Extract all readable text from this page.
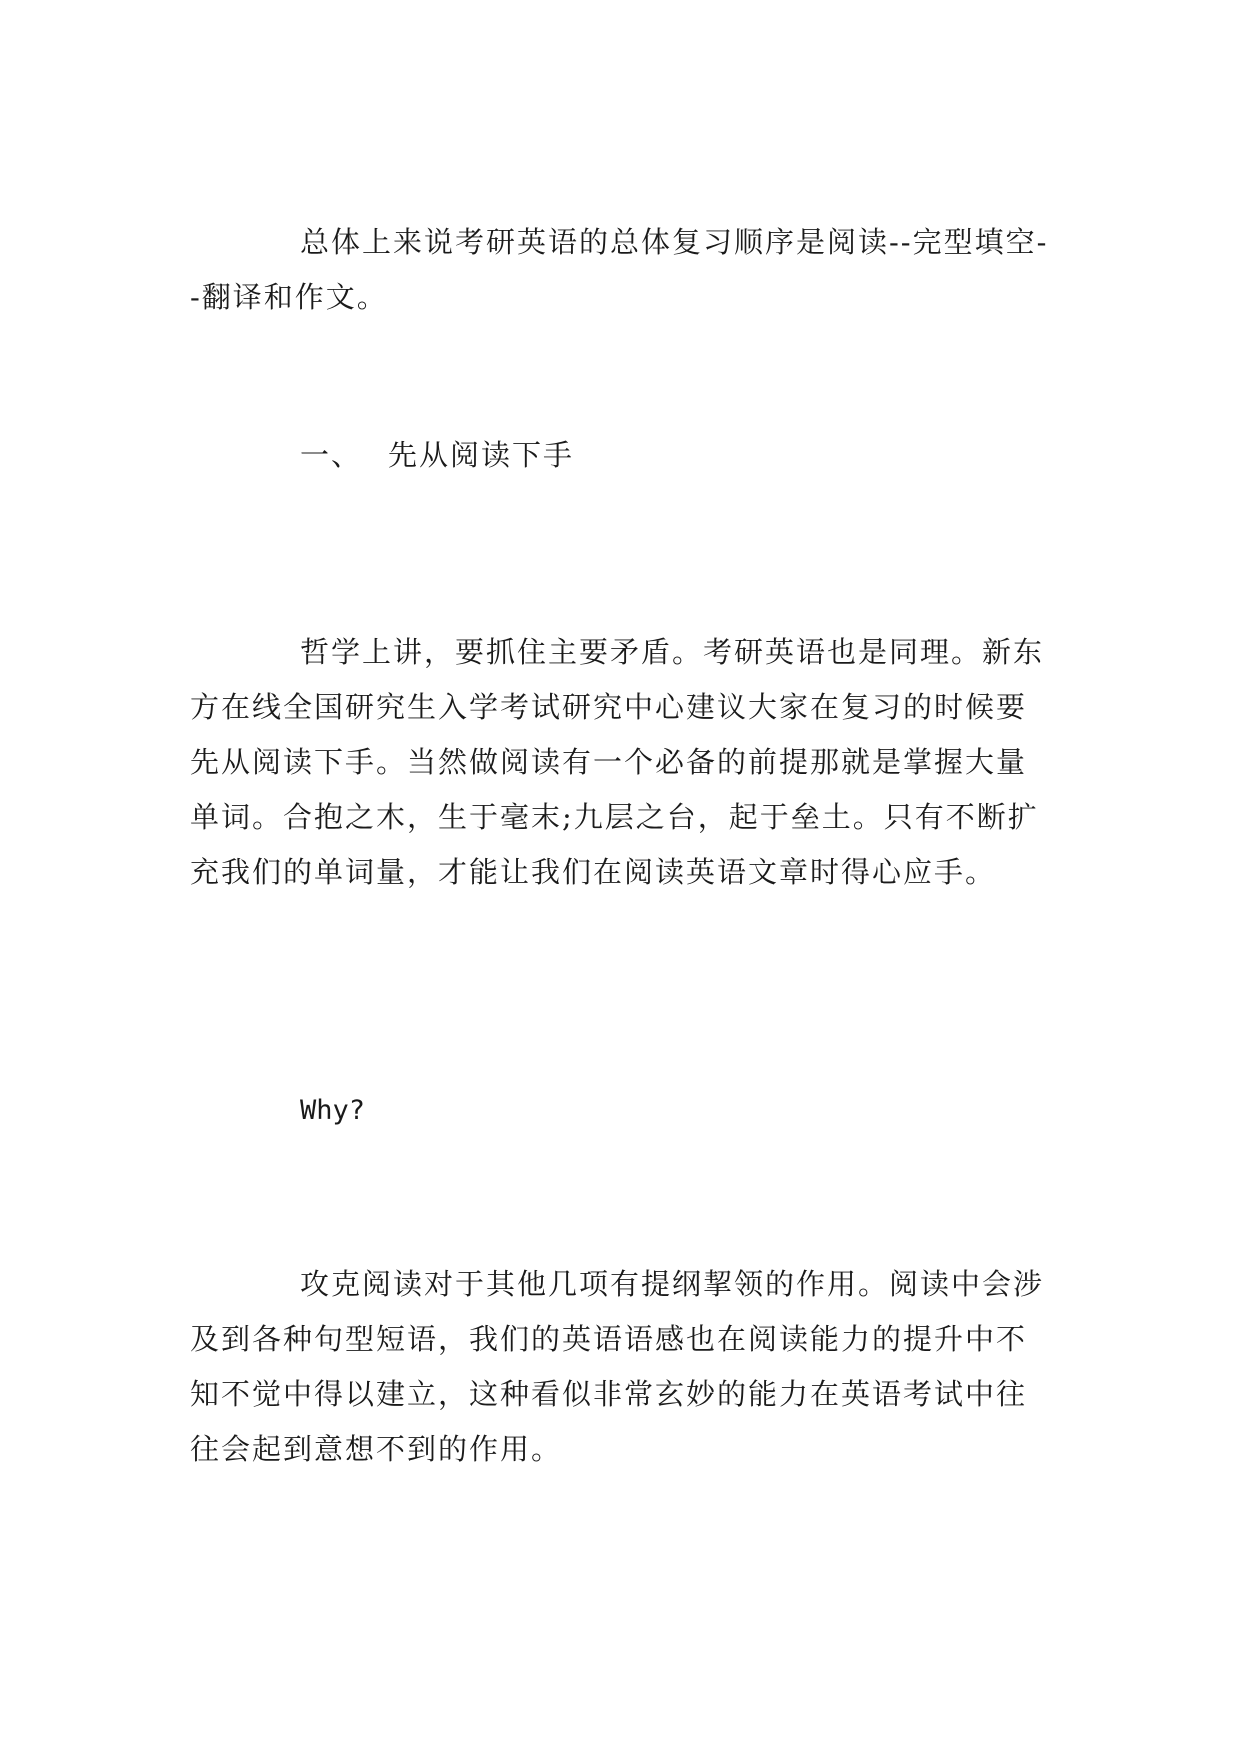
总体上来说考研英语的总体复习顺序是阅读--完型填空--翻译和作文。

一、 先从阅读下手

哲学上讲，要抓住主要矛盾。考研英语也是同理。新东方在线全国研究生入学考试研究中心建议大家在复习的时候要先从阅读下手。当然做阅读有一个必备的前提那就是掌握大量单词。合抱之木，生于毫末;九层之台，起于垒土。只有不断扩充我们的单词量，才能让我们在阅读英语文章时得心应手。

Why?

攻克阅读对于其他几项有提纲挈领的作用。阅读中会涉及到各种句型短语，我们的英语语感也在阅读能力的提升中不知不觉中得以建立，这种看似非常玄妙的能力在英语考试中往往会起到意想不到的作用。
